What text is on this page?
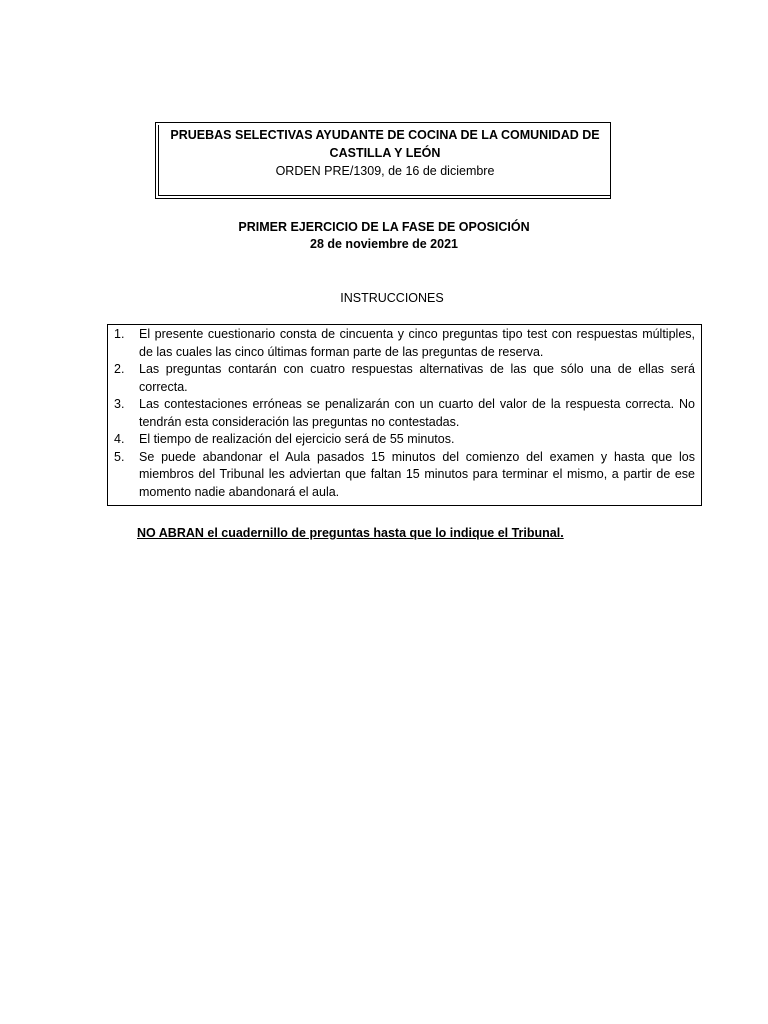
PRUEBAS SELECTIVAS AYUDANTE DE COCINA DE LA COMUNIDAD DE
CASTILLA Y LEÓN
ORDEN PRE/1309, de 16 de diciembre
PRIMER EJERCICIO DE LA FASE DE OPOSICIÓN
28 de noviembre de 2021
INSTRUCCIONES
1. El presente cuestionario consta de cincuenta y cinco preguntas tipo test con respuestas múltiples, de las cuales las cinco últimas forman parte de las preguntas de reserva.
2. Las preguntas contarán con cuatro respuestas alternativas de las que sólo una de ellas será correcta.
3. Las contestaciones erróneas se penalizarán con un cuarto del valor de la respuesta correcta. No tendrán esta consideración las preguntas no contestadas.
4. El tiempo de realización del ejercicio será de 55 minutos.
5. Se puede abandonar el Aula pasados 15 minutos del comienzo del examen y hasta que los miembros del Tribunal les adviertan que faltan 15 minutos para terminar el mismo, a partir de ese momento nadie abandonará el aula.
NO ABRAN el cuadernillo de preguntas hasta que lo indique el Tribunal.
